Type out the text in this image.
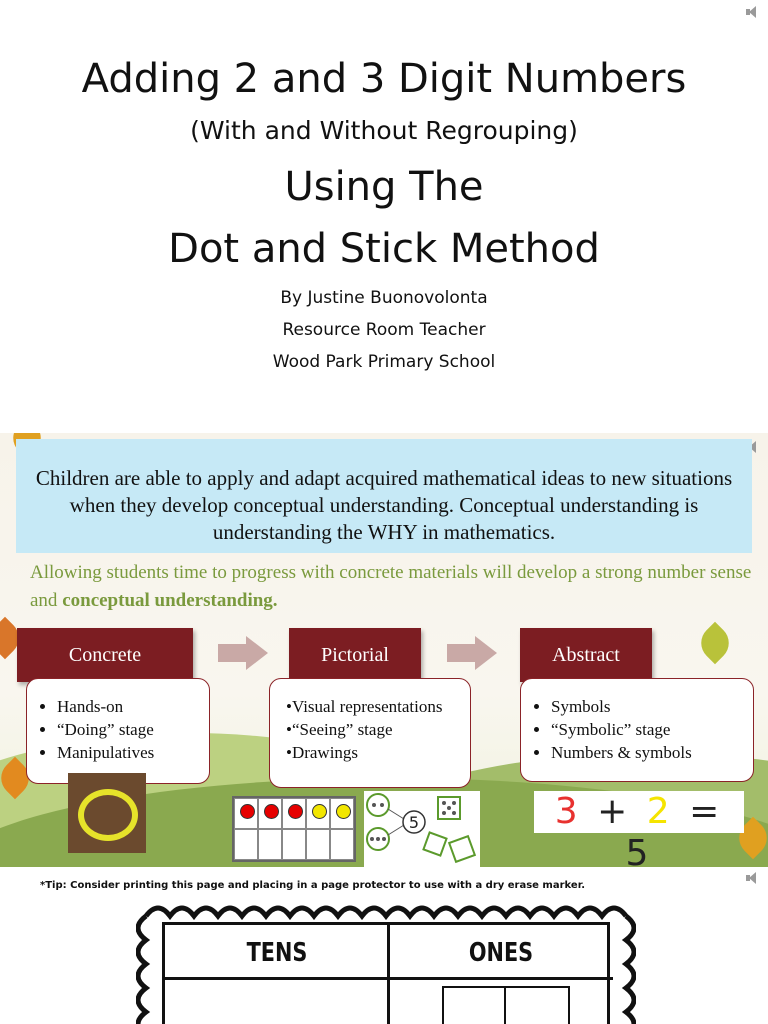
Adding 2 and 3 Digit Numbers
(With and Without Regrouping)
Using The
Dot and Stick Method
By Justine Buonovolonta
Resource Room Teacher
Wood Park Primary School
Children are able to apply and adapt acquired mathematical ideas to new situations when they develop conceptual understanding. Conceptual understanding is understanding the WHY in mathematics.
Allowing students time to progress with concrete materials will develop a strong number sense and conceptual understanding.
Concrete	Pictorial	Abstract
• Hands-on
• “Doing” stage
• Manipulatives
• Visual representations
• “Seeing” stage
• Drawings
• Symbols
• “Symbolic” stage
• Numbers & symbols
5	3 + 2 = 5
*Tip: Consider printing this page and placing in a page protector to use with a dry erase marker.
TENS	ONES
